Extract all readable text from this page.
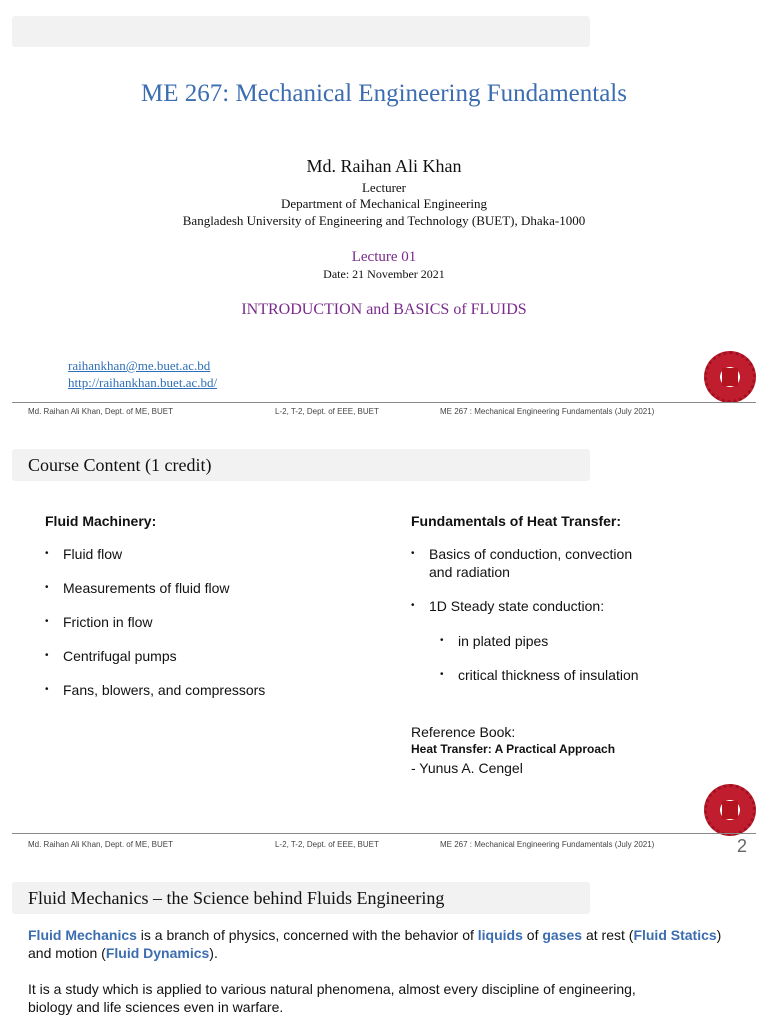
ME 267: Mechanical Engineering Fundamentals
Md. Raihan Ali Khan
Lecturer
Department of Mechanical Engineering
Bangladesh University of Engineering and Technology (BUET), Dhaka-1000
Lecture 01
Date: 21 November 2021
INTRODUCTION and BASICS of FLUIDS
raihankhan@me.buet.ac.bd
http://raihankhan.buet.ac.bd/
Md. Raihan Ali Khan, Dept. of ME, BUET	L-2, T-2, Dept. of EEE, BUET	ME 267 : Mechanical Engineering Fundamentals (July 2021)
Course Content (1 credit)
Fluid Machinery:
• Fluid flow
• Measurements of fluid flow
• Friction in flow
• Centrifugal pumps
• Fans, blowers, and compressors
Fundamentals of Heat Transfer:
• Basics of conduction, convection
and radiation
• 1D Steady state conduction:
• in plated pipes
• critical thickness of insulation
Reference Book:
Heat Transfer: A Practical Approach
- Yunus A. Cengel
Md. Raihan Ali Khan, Dept. of ME, BUET	L-2, T-2, Dept. of EEE, BUET	ME 267 : Mechanical Engineering Fundamentals (July 2021)	2
Fluid Mechanics – the Science behind Fluids Engineering
Fluid Mechanics is a branch of physics, concerned with the behavior of liquids of gases at rest (Fluid Statics) and motion (Fluid Dynamics).
It is a study which is applied to various natural phenomena, almost every discipline of engineering,
biology and life sciences even in warfare.
